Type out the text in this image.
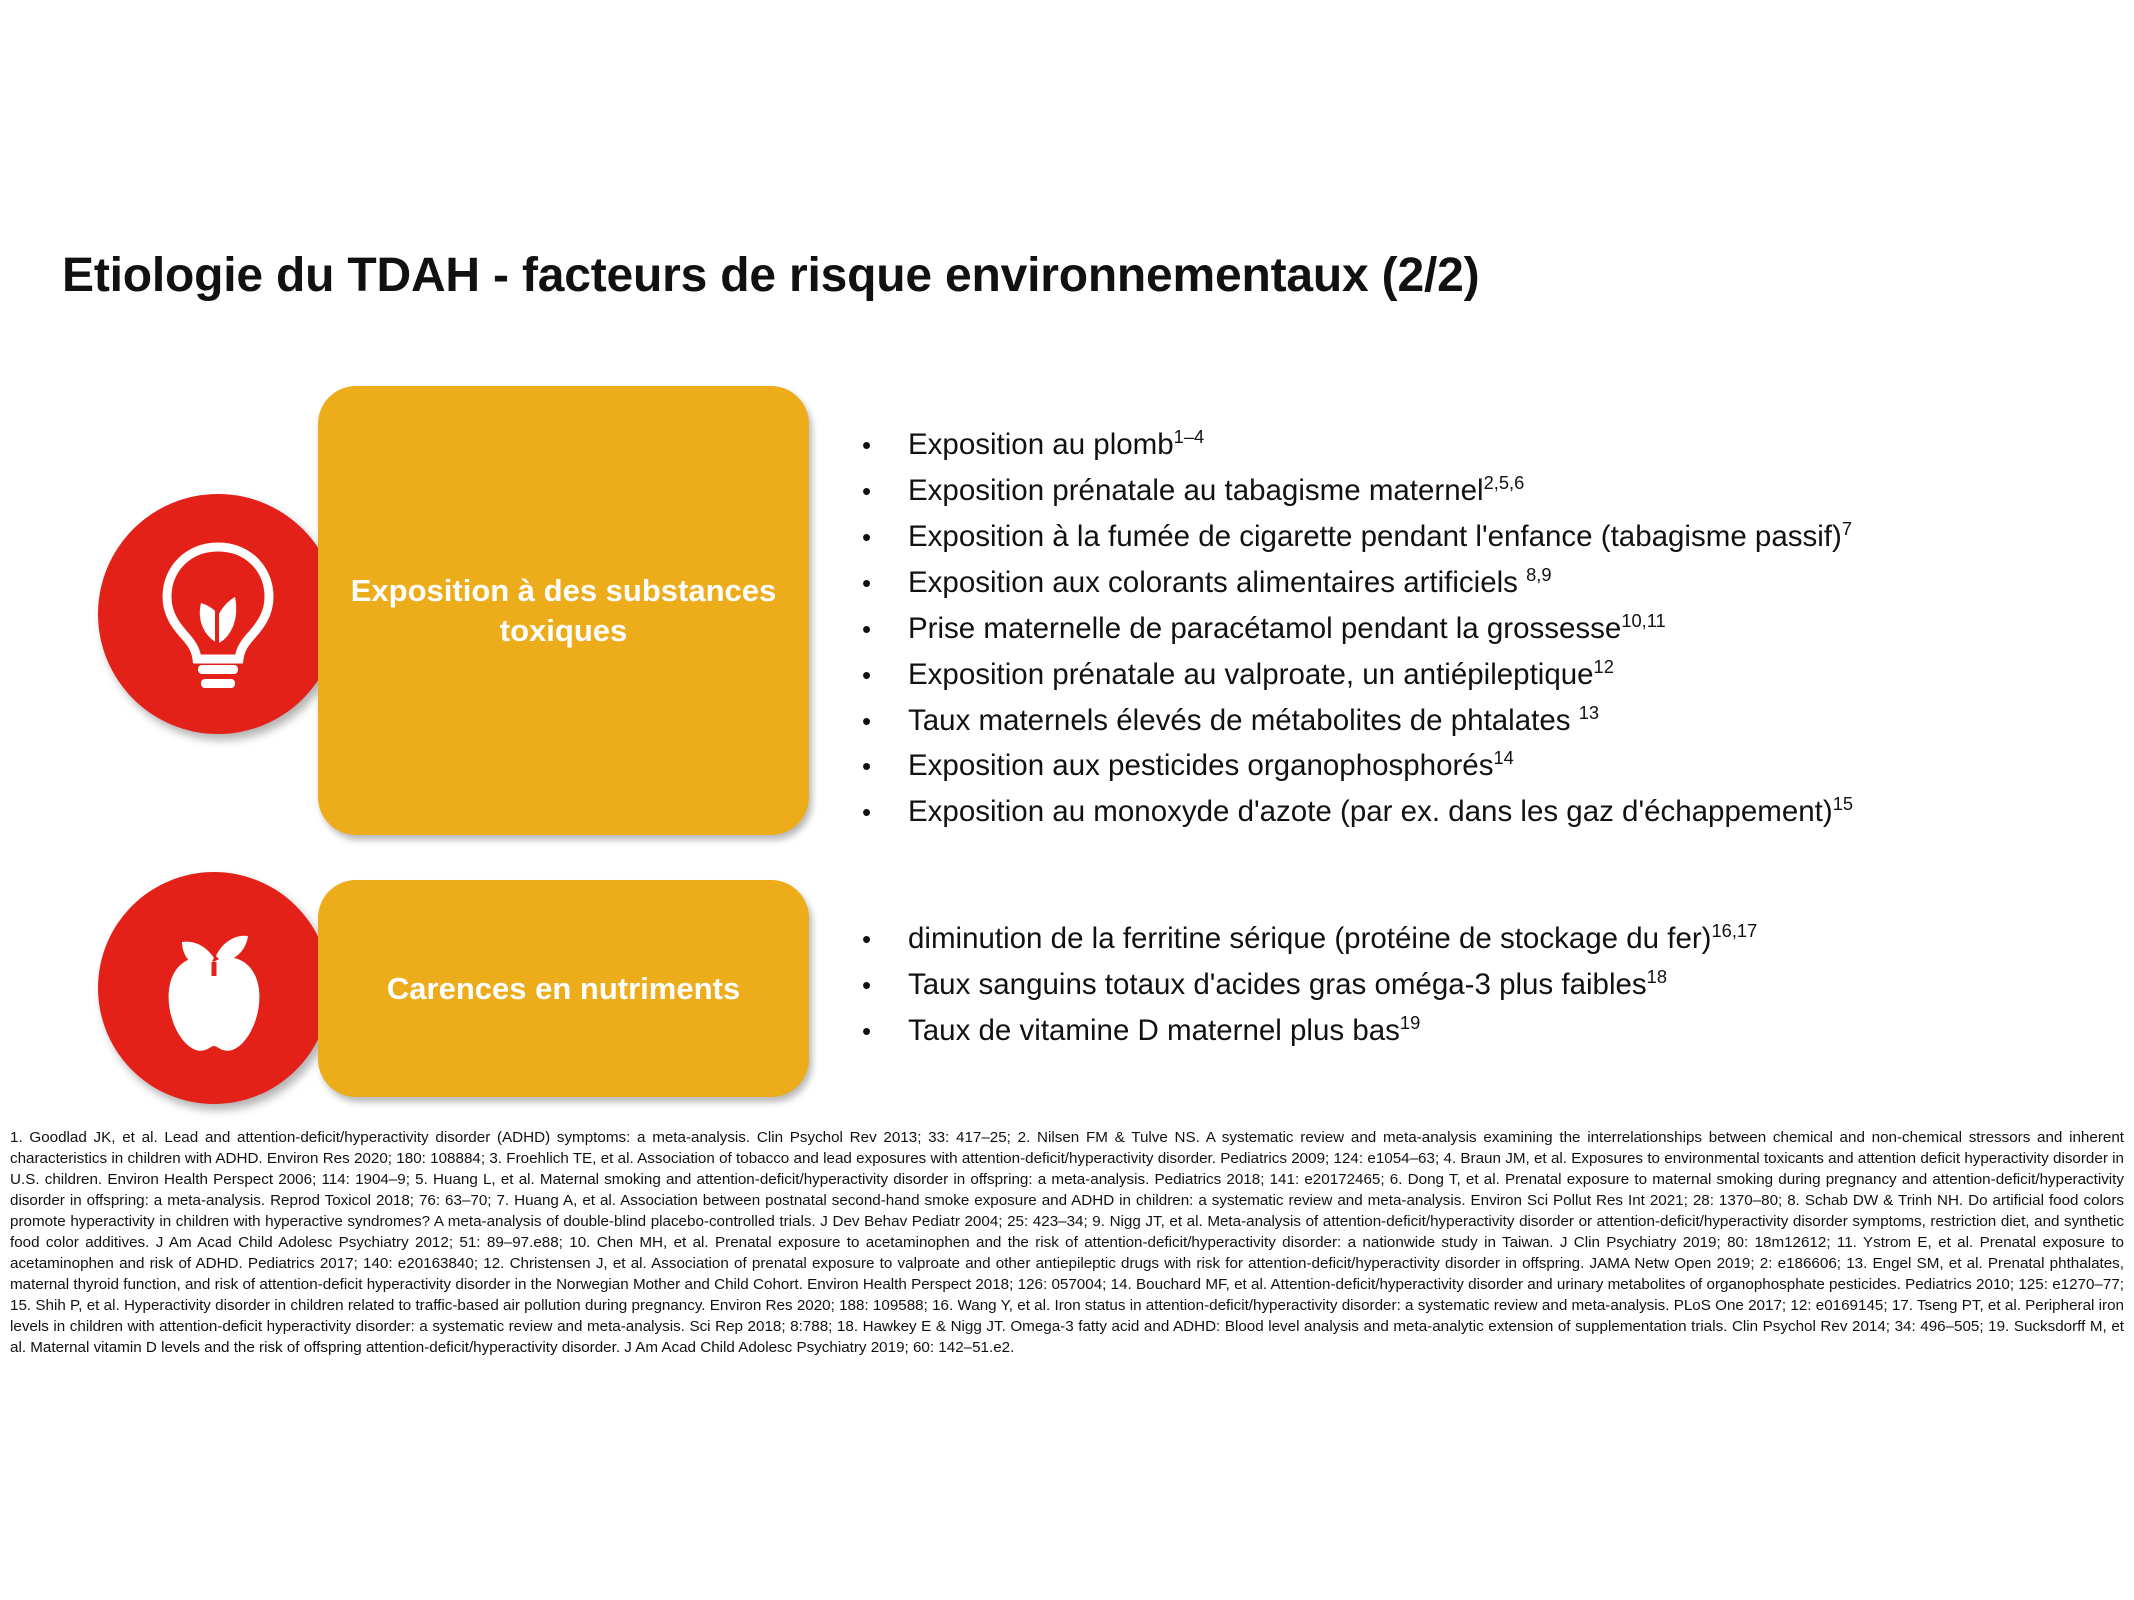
Etiologie du TDAH - facteurs de risque environnementaux (2/2)
Exposition à des substances toxiques
•	Exposition au plomb$^{1-4}$
•	Exposition prénatale au tabagisme maternel$^{2,5,6}$
•	Exposition à la fumée de cigarette pendant l'enfance (tabagisme passif)$^7$
•	Exposition aux colorants alimentaires artificiels $^{8,9}$
•	Prise maternelle de paracétamol pendant la grossesse$^{10,11}$
•	Exposition prénatale au valproate, un antiépileptique$^{12}$
•	Taux maternels élevés de métabolites de phtalates $^{13}$
•	Exposition aux pesticides organophosphorés$^{14}$
•	Exposition au monoxyde d'azote (par ex. dans les gaz d'échappement)$^{15}$
Carences en nutriments
•	diminution de la ferritine sérique (protéine de stockage du fer)$^{16,17}$
•	Taux sanguins totaux d'acides gras oméga-3 plus faibles$^{18}$
•	Taux de vitamine D maternel plus bas$^{19}$
1. Goodlad JK, et al. Lead and attention-deficit/hyperactivity disorder (ADHD) symptoms: a meta-analysis. Clin Psychol Rev 2013; 33: 417–25; 2. Nilsen FM & Tulve NS. A systematic review and meta-analysis examining the interrelationships between chemical and non-chemical stressors and inherent characteristics in children with ADHD. Environ Res 2020; 180: 108884; 3. Froehlich TE, et al. Association of tobacco and lead exposures with attention-deficit/hyperactivity disorder. Pediatrics 2009; 124: e1054–63; 4. Braun JM, et al. Exposures to environmental toxicants and attention deficit hyperactivity disorder in U.S. children. Environ Health Perspect 2006; 114: 1904–9; 5. Huang L, et al. Maternal smoking and attention-deficit/hyperactivity disorder in offspring: a meta-analysis. Pediatrics 2018; 141: e20172465; 6. Dong T, et al. Prenatal exposure to maternal smoking during pregnancy and attention-deficit/hyperactivity disorder in offspring: a meta-analysis. Reprod Toxicol 2018; 76: 63–70; 7. Huang A, et al. Association between postnatal second-hand smoke exposure and ADHD in children: a systematic review and meta-analysis. Environ Sci Pollut Res Int 2021; 28: 1370–80; 8. Schab DW & Trinh NH. Do artificial food colors promote hyperactivity in children with hyperactive syndromes? A meta-analysis of double-blind placebo-controlled trials. J Dev Behav Pediatr 2004; 25: 423–34; 9. Nigg JT, et al. Meta-analysis of attention-deficit/hyperactivity disorder or attention-deficit/hyperactivity disorder symptoms, restriction diet, and synthetic food color additives. J Am Acad Child Adolesc Psychiatry 2012; 51: 89–97.e88; 10. Chen MH, et al. Prenatal exposure to acetaminophen and the risk of attention-deficit/hyperactivity disorder: a nationwide study in Taiwan. J Clin Psychiatry 2019; 80: 18m12612; 11. Ystrom E, et al. Prenatal exposure to acetaminophen and risk of ADHD. Pediatrics 2017; 140: e20163840; 12. Christensen J, et al. Association of prenatal exposure to valproate and other antiepileptic drugs with risk for attention-deficit/hyperactivity disorder in offspring. JAMA Netw Open 2019; 2: e186606; 13. Engel SM, et al. Prenatal phthalates, maternal thyroid function, and risk of attention-deficit hyperactivity disorder in the Norwegian Mother and Child Cohort. Environ Health Perspect 2018; 126: 057004; 14. Bouchard MF, et al. Attention-deficit/hyperactivity disorder and urinary metabolites of organophosphate pesticides. Pediatrics 2010; 125: e1270–77; 15. Shih P, et al. Hyperactivity disorder in children related to traffic-based air pollution during pregnancy. Environ Res 2020; 188: 109588; 16. Wang Y, et al. Iron status in attention-deficit/hyperactivity disorder: a systematic review and meta-analysis. PLoS One 2017; 12: e0169145; 17. Tseng PT, et al. Peripheral iron levels in children with attention-deficit hyperactivity disorder: a systematic review and meta-analysis. Sci Rep 2018; 8:788; 18. Hawkey E & Nigg JT. Omega-3 fatty acid and ADHD: Blood level analysis and meta-analytic extension of supplementation trials. Clin Psychol Rev 2014; 34: 496–505; 19. Sucksdorff M, et al. Maternal vitamin D levels and the risk of offspring attention-deficit/hyperactivity disorder. J Am Acad Child Adolesc Psychiatry 2019; 60: 142–51.e2.
